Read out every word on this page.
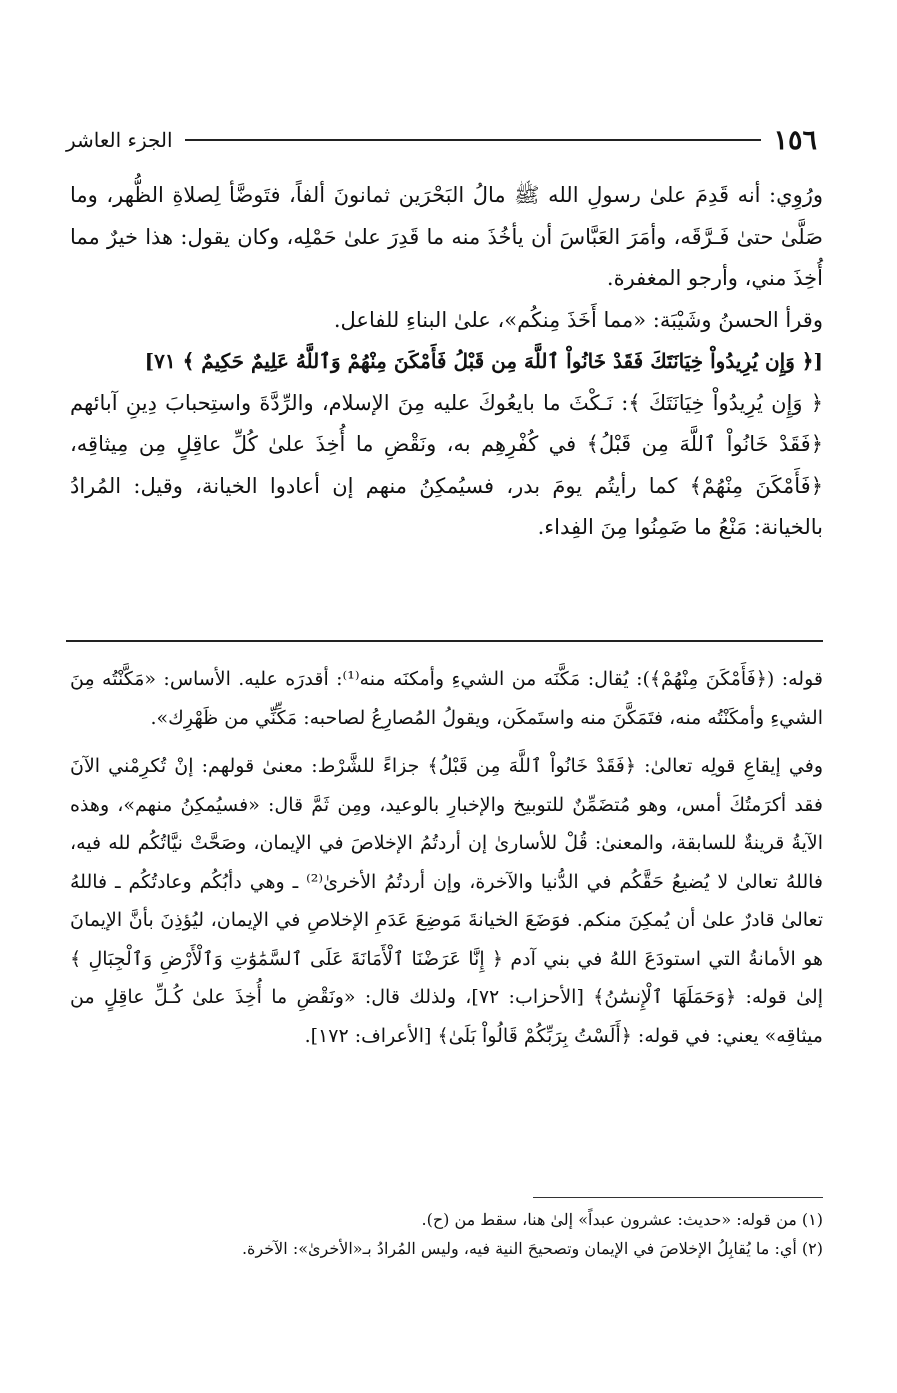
١٥٦
الجزء العاشر

ورُوِي: أنه قَدِمَ علىٰ رسولِ الله ﷺ مالُ البَحْرَين ثمانونَ ألفاً، فتَوضَّأ لِصلاةِ الظُّهر، وما صَلَّىٰ حتىٰ فَـرَّقَه، وأمَرَ العَبَّاسَ أن يأخُذَ منه ما قَدِرَ علىٰ حَمْلِه، وكان يقول: هذا خيرٌ مما أُخِذَ مني، وأرجو المغفرة.

وقرأ الحسنُ وشَيْبَة: «مما أَخَذَ مِنكُم»، علىٰ البناءِ للفاعل.

[﴿ وَإِن يُرِيدُواْ خِيَانَتَكَ فَقَدْ خَانُواْ ٱللَّهَ مِن قَبْلُ فَأَمْكَنَ مِنْهُمْ وَٱللَّهُ عَلِيمٌ حَكِيمٌ ﴾ ٧١]

﴿ وَإِن يُرِيدُواْ خِيَانَتَكَ ﴾: نَـكْثَ ما بايعُوكَ عليه مِنَ الإسلام، والرِّدَّةَ واستِحبابَ دِينِ آبائهم ﴿فَقَدْ خَانُواْ ٱللَّهَ مِن قَبْلُ﴾ في كُفْرِهِم به، ونَقْضِ ما أُخِذَ علىٰ كُلِّ عاقِلٍ مِن مِيثاقِه، ﴿فَأَمْكَنَ مِنْهُمْ﴾ كما رأيتُم يومَ بدر، فسيُمكِنُ منهم إن أعادوا الخيانة، وقيل: المُرادُ بالخيانة: مَنْعُ ما ضَمِنُوا مِنَ الفِداء.

قوله: (﴿فَأَمْكَنَ مِنْهُمْ﴾): يُقال: مَكَّنَه من الشيءِ وأمكنَه منه⁽¹⁾: أقدرَه عليه. الأساس: «مَكَّنْتُه مِنَ الشيءِ وأمكَنْتُه منه، فتَمَكَّنَ منه واستَمكَن، ويقولُ المُصارِعُ لصاحبه: مَكِّنِّي من ظَهْرِك».

وفي إيقاعِ قولِه تعالىٰ: ﴿فَقَدْ خَانُواْ ٱللَّهَ مِن قَبْلُ﴾ جزاءً للشَّرْط: معنىٰ قولهم: إنْ تُكرِمْني الآنَ فقد أكرَمتُكَ أمس، وهو مُتضَمِّنٌ للتوبيخ والإخبارِ بالوعيد، ومِن ثَمَّ قال: «فسيُمكِنُ منهم»، وهذه الآيةُ قرينةٌ للسابقة، والمعنىٰ: قُلْ للأسارىٰ إن أردتُمُ الإخلاصَ في الإيمان، وصَحَّتْ نيَّاتُكُم لله فيه، فاللهُ تعالىٰ لا يُضيعُ حَقَّكُم في الدُّنيا والآخرة، وإن أردتُمُ الأخرىٰ⁽²⁾ ـ وهي دأبُكُم وعادتُكُم ـ فاللهُ تعالىٰ قادرٌ علىٰ أن يُمكِنَ منكم. فوَضَعَ الخيانةَ مَوضِعَ عَدَمِ الإخلاصِ في الإيمان، ليُؤذِنَ بأنَّ الإيمانَ هو الأمانةُ التي استودَعَ اللهُ في بني آدم ﴿ إِنَّا عَرَضْنَا ٱلْأَمَانَةَ عَلَى ٱلسَّمَٰوَٰتِ وَٱلْأَرْضِ وَٱلْجِبَالِ ﴾ إلىٰ قوله: ﴿وَحَمَلَهَا ٱلْإِنسَٰنُ﴾ [الأحزاب: ٧٢]، ولذلك قال: «ونَقْضِ ما أُخِذَ علىٰ كُـلِّ عاقِلٍ من ميثاقِه» يعني: في قوله: ﴿أَلَسْتُ بِرَبِّكُمْ قَالُواْ بَلَىٰ﴾ [الأعراف: ١٧٢].

(١) من قوله: «حديث: عشرون عبداً» إلىٰ هنا، سقط من (ح).

(٢) أي: ما يُقابِلُ الإخلاصَ في الإيمان وتصحيحَ النية فيه، وليس المُرادُ بـ«الأخرىٰ»: الآخرة.
